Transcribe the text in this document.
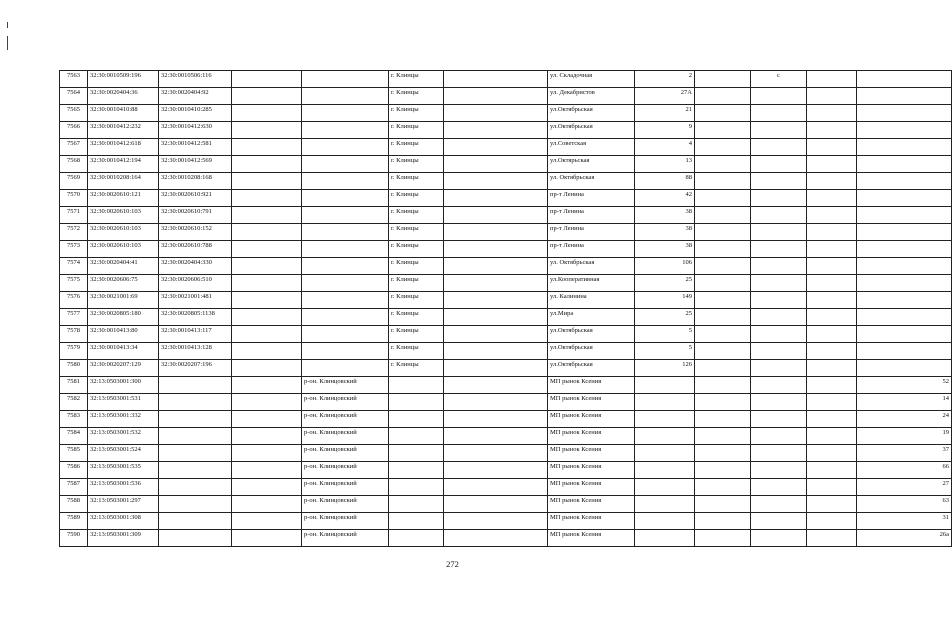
7563	32:30:0010509:196	32:30:0010506:116			г. Клинцы		ул. Складочная	2		с		
7564	32:30:0020404:36	32:30:0020404:92			г. Клинцы		ул. Декабристов	27А				
7565	32:30:0010410:88	32:30:0010410:285			г. Клинцы		ул.Октябрьская	21				
7566	32:30:0010412:232	32:30:0010412:630			г. Клинцы		ул.Октябрьская	9				
7567	32:30:0010412:618	32:30:0010412:581			г. Клинцы		ул.Советская	4				
7568	32:30:0010412:194	32:30:0010412:569			г. Клинцы		ул.Октярьская	13				
7569	32:30:0010208:164	32:30:0010208:168			г. Клинцы		ул. Октябрьская	88				
7570	32:30:0020610:121	32:30:0020610:921			г. Клинцы		пр-т Ленина	42				
7571	32:30:0020610:103	32:30:0020610:791			г. Клинцы		пр-т Ленина	38				
7572	32:30:0020610:103	32:30:0020610:152			г. Клинцы		пр-т Ленина	38				
7573	32:30:0020610:103	32:30:0020610:788			г. Клинцы		пр-т Ленина	38				
7574	32:30:0020404:41	32:30:0020404:330			г. Клинцы		ул. Октябрьская	106				
7575	32:30:0020606:75	32:30:0020606:510			г. Клинцы		ул.Кооперативная	25				
7576	32:30:0021001:69	32:30:0021001:481			г. Клинцы		ул. Калинина	149				
7577	32:30:0020805:180	32:30:0020805:1138			г. Клинцы		ул.Мира	25				
7578	32:30:0010413:80	32:30:0010413:117			г. Клинцы		ул.Октябрьская	5				
7579	32:30:0010413:34	32:30:0010413:128			г. Клинцы		ул.Октябрьская	5				
7580	32:30:0020207:129	32:30:0020207:196			г. Клинцы		ул.Октябрьская	126				
7581	32:13:0503001:300			р-он. Клинцовский			МП рынок Ксения					52
7582	32:13:0503001:531			р-он. Клинцовский			МП рынок Ксения					14
7583	32:13:0503001:332			р-он. Клинцовский			МП рынок Ксения					24
7584	32:13:0503001:532			р-он. Клинцовский			МП рынок Ксения					19
7585	32:13:0503001:524			р-он. Клинцовский			МП рынок Ксения					37
7586	32:13:0503001:535			р-он. Клинцовский			МП рынок Ксения					66
7587	32:13:0503001:536			р-он. Клинцовский			МП рынок Ксения					27
7588	32:13:0503001:297			р-он. Клинцовский			МП рынок Ксения					63
7589	32:13:0503001:308			р-он. Клинцовский			МП рынок Ксения					31
7590	32:13:0503001:309			р-он. Клинцовский			МП рынок Ксения					26а
272
